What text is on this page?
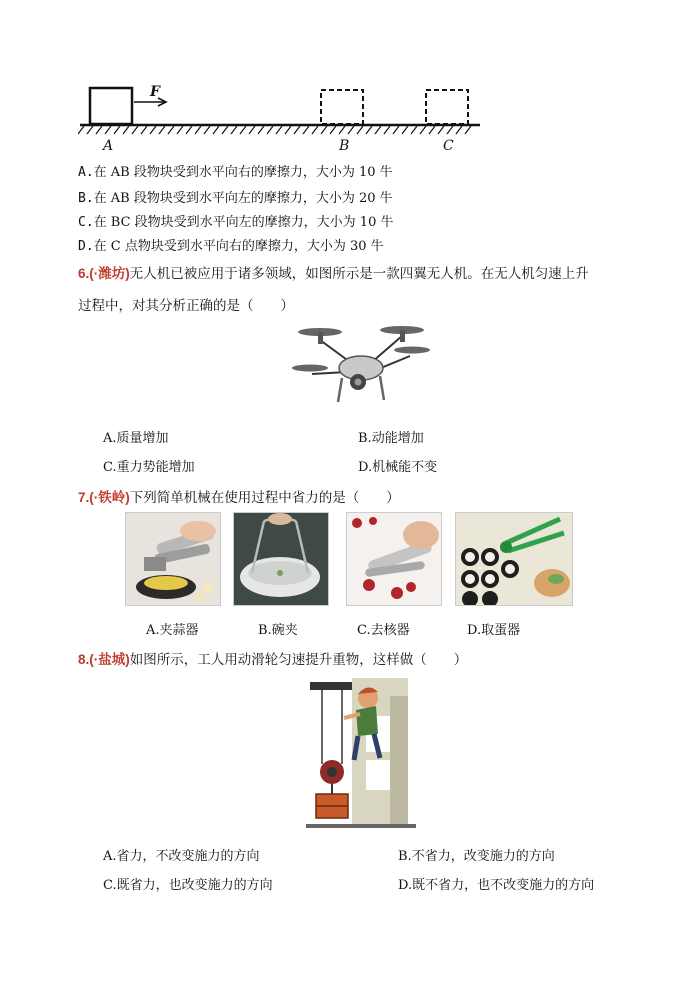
F
A	B	C
A.在 AB 段物块受到水平向右的摩擦力，大小为 10 牛
B.在 AB 段物块受到水平向左的摩擦力，大小为 20 牛
C.在 BC 段物块受到水平向左的摩擦力，大小为 10 牛
D.在 C 点物块受到水平向右的摩擦力，大小为 30 牛
6.(·潍坊)无人机已被应用于诸多领域，如图所示是一款四翼无人机。在无人机匀速上升
过程中，对其分析正确的是（　　）
A.质量增加	B.动能增加
C.重力势能增加	D.机械能不变
7.(·铁岭)下列简单机械在使用过程中省力的是（　　）
A.夹蒜器	B.碗夹	C.去核器	D.取蛋器
8.(·盐城)如图所示，工人用动滑轮匀速提升重物，这样做（　　）
A.省力，不改变施力的方向	B.不省力，改变施力的方向
C.既省力，也改变施力的方向	D.既不省力，也不改变施力的方向
